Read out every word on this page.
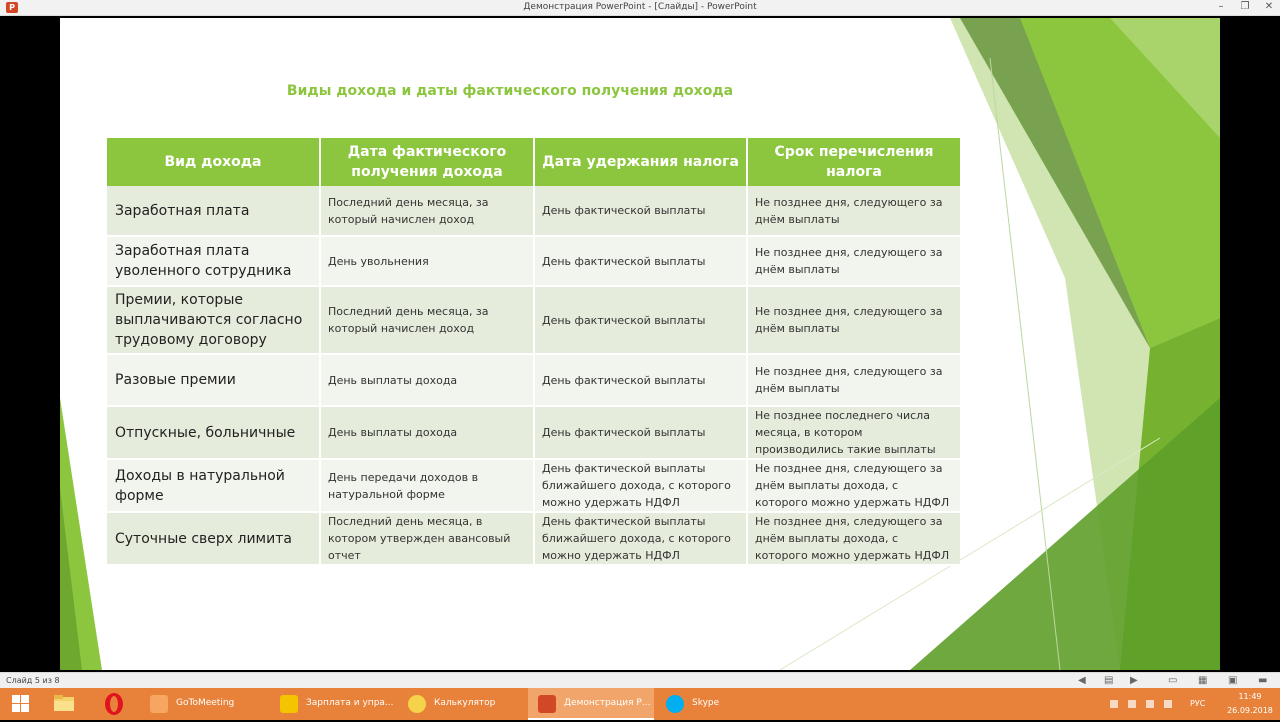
P	Демонстрация PowerPoint - [Слайды] - PowerPoint	–	❐	✕
Виды дохода и даты фактического получения дохода
Вид дохода	Дата фактического получения дохода	Дата удержания налога	Срок перечисления налога
Заработная плата	Последний день месяца, за который начислен доход	День фактической выплаты	Не позднее дня, следующего за днём выплаты
Заработная плата уволенного сотрудника	День увольнения	День фактической выплаты	Не позднее дня, следующего за днём выплаты
Премии, которые выплачиваются согласно трудовому договору	Последний день месяца, за который начислен доход	День фактической выплаты	Не позднее дня, следующего за днём выплаты
Разовые премии	День выплаты дохода	День фактической выплаты	Не позднее дня, следующего за днём выплаты
Отпускные, больничные	День выплаты дохода	День фактической выплаты	Не позднее последнего числа месяца, в котором производились такие выплаты
Доходы в натуральной форме	День передачи доходов в натуральной форме	День фактической выплаты ближайшего дохода, с которого можно удержать НДФЛ	Не позднее дня, следующего за днём выплаты дохода, с которого можно удержать НДФЛ
Суточные сверх лимита	Последний день месяца, в котором утвержден авансовый отчет	День фактической выплаты ближайшего дохода, с которого можно удержать НДФЛ	Не позднее дня, следующего за днём выплаты дохода, с которого можно удержать НДФЛ
Слайд 5 из 8	◀ ▤ ▶	▭ ▦ ▣ ▬
GoToMeeting	Зарплата и упра...	Калькулятор	Демонстрация Р...	Skype	РУС
11:49
26.09.2018
